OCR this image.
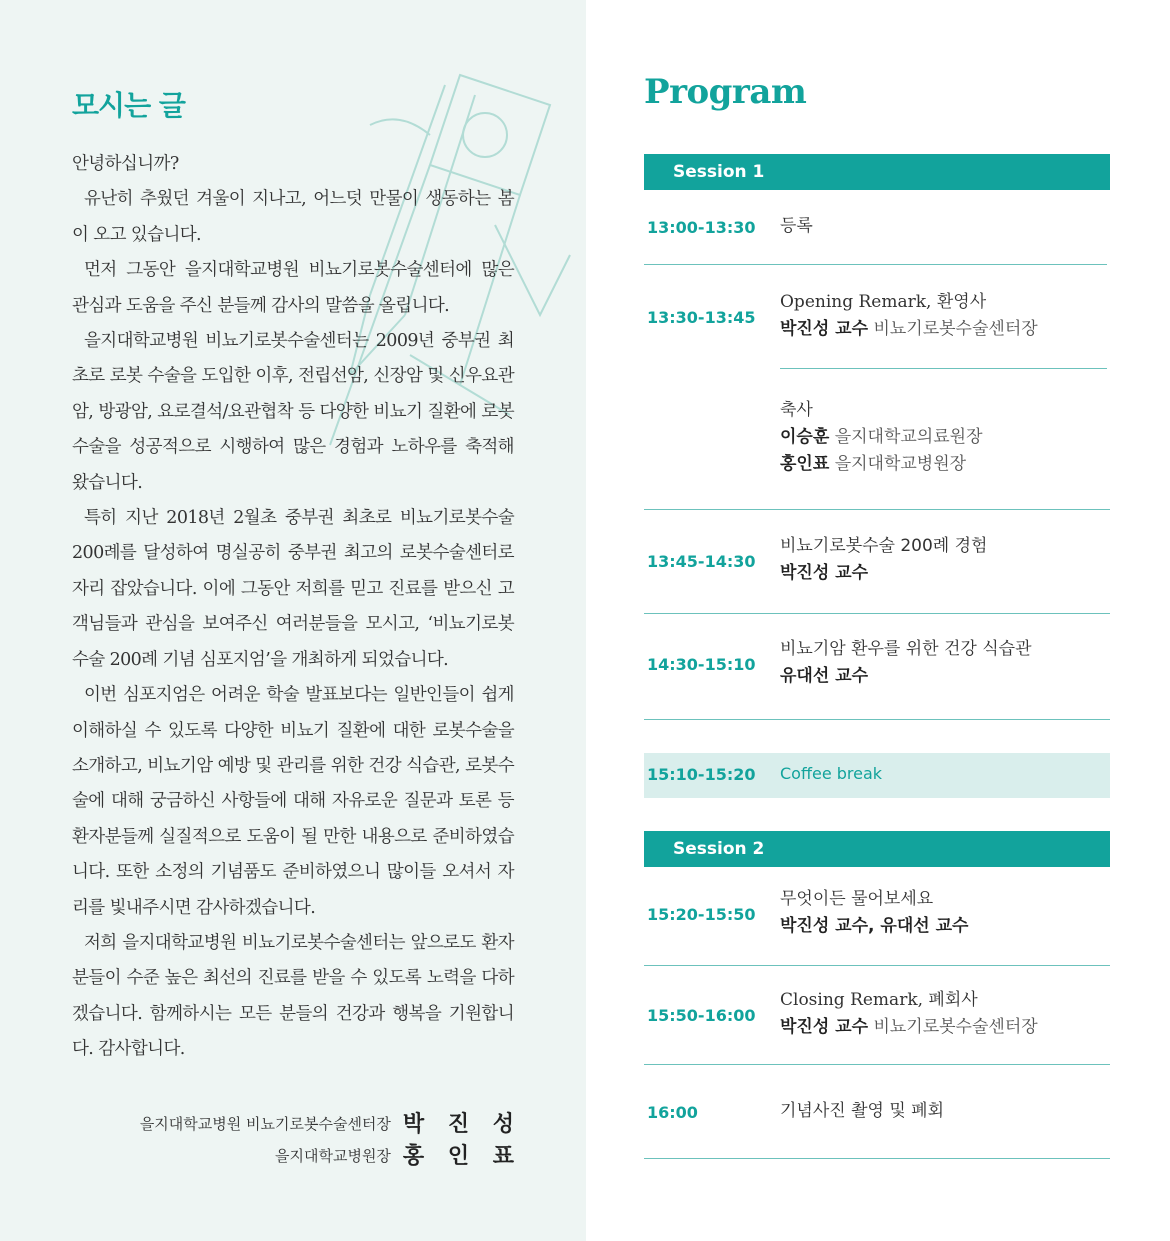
모시는 글

안녕하십니까?

유난히 추웠던 겨울이 지나고, 어느덧 만물이 생동하는 봄이 오고 있습니다.

먼저 그동안 을지대학교병원 비뇨기로봇수술센터에 많은 관심과 도움을 주신 분들께 감사의 말씀을 올립니다.

을지대학교병원 비뇨기로봇수술센터는 2009년 중부권 최초로 로봇 수술을 도입한 이후, 전립선암, 신장암 및 신우요관암, 방광암, 요로결석/요관협착 등 다양한 비뇨기 질환에 로봇수술을 성공적으로 시행하여 많은 경험과 노하우를 축적해 왔습니다.

특히 지난 2018년 2월초 중부권 최초로 비뇨기로봇수술 200례를 달성하여 명실공히 중부권 최고의 로봇수술센터로 자리 잡았습니다. 이에 그동안 저희를 믿고 진료를 받으신 고객님들과 관심을 보여주신 여러분들을 모시고, ‘비뇨기로봇수술 200례 기념 심포지엄’을 개최하게 되었습니다.

이번 심포지엄은 어려운 학술 발표보다는 일반인들이 쉽게 이해하실 수 있도록 다양한 비뇨기 질환에 대한 로봇수술을 소개하고, 비뇨기암 예방 및 관리를 위한 건강 식습관, 로봇수술에 대해 궁금하신 사항들에 대해 자유로운 질문과 토론 등 환자분들께 실질적으로 도움이 될 만한 내용으로 준비하였습니다. 또한 소정의 기념품도 준비하였으니 많이들 오셔서 자리를 빛내주시면 감사하겠습니다.

저희 을지대학교병원 비뇨기로봇수술센터는 앞으로도 환자분들이 수준 높은 최선의 진료를 받을 수 있도록 노력을 다하겠습니다. 함께하시는 모든 분들의 건강과 행복을 기원합니다. 감사합니다.

을지대학교병원 비뇨기로봇수술센터장 박 진 성
을지대학교병원장 홍 인 표
Program
Session 1
13:00-13:30 등록
13:30-13:45
Opening Remark, 환영사
박진성 교수 비뇨기로봇수술센터장
축사
이승훈 을지대학교의료원장
홍인표 을지대학교병원장
13:45-14:30
비뇨기로봇수술 200례 경험
박진성 교수
14:30-15:10
비뇨기암 환우를 위한 건강 식습관
유대선 교수
15:10-15:20 Coffee break
Session 2
15:20-15:50
무엇이든 물어보세요
박진성 교수, 유대선 교수
15:50-16:00
Closing Remark, 폐회사
박진성 교수 비뇨기로봇수술센터장
16:00	기념사진 촬영 및 폐회
